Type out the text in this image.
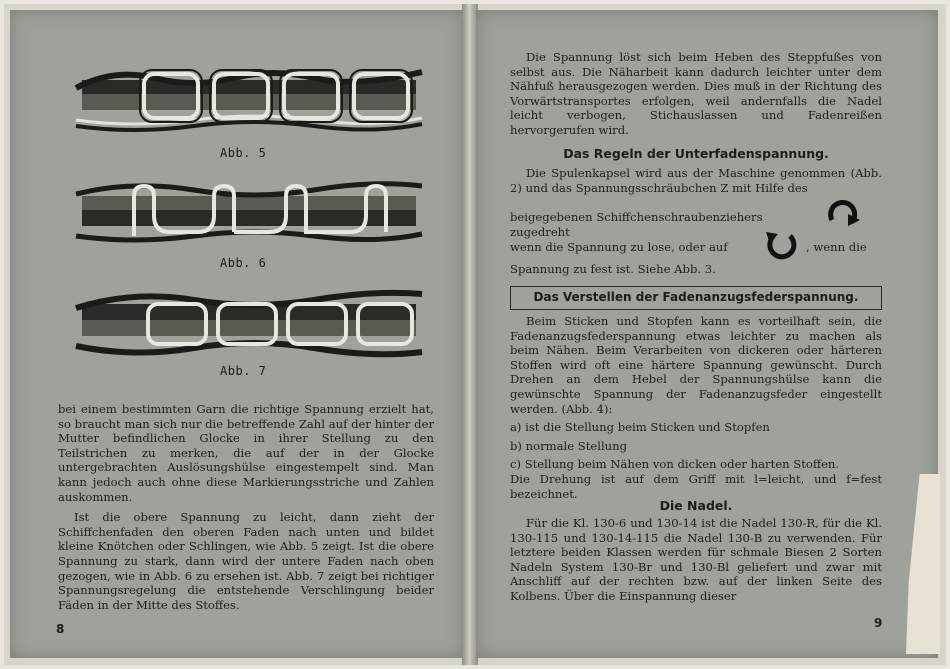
Abb. 5
Abb. 6
Abb. 7

bei einem bestimmten Garn die richtige Spannung erzielt hat, so braucht man sich nur die betreffende Zahl auf der hinter der Mutter befindlichen Glocke in ihrer Stellung zu den Teilstrichen zu merken, die auf der in der Glocke untergebrachten Auslösungshülse eingestempelt sind. Man kann jedoch auch ohne diese Markierungsstriche und Zahlen auskommen.

Ist die obere Spannung zu leicht, dann zieht der Schiffchenfaden den oberen Faden nach unten und bildet kleine Knötchen oder Schlingen, wie Abb. 5 zeigt. Ist die obere Spannung zu stark, dann wird der untere Faden nach oben gezogen, wie in Abb. 6 zu ersehen ist. Abb. 7 zeigt bei richtiger Spannungsregelung die entstehende Verschlingung beider Fäden in der Mitte des Stoffes.

8
Die Spannung löst sich beim Heben des Steppfußes von selbst aus. Die Näharbeit kann dadurch leichter unter dem Nähfuß herausgezogen werden. Dies muß in der Richtung des Vorwärtstransportes erfolgen, weil andernfalls die Nadel leicht verbogen, Stichauslassen und Fadenreißen hervorgerufen wird.
Das Regeln der Unterfadenspannung.
Die Spulenkapsel wird aus der Maschine genommen (Abb. 2) und das Spannungsschräubchen Z mit Hilfe des
beigegebenen Schiffchenschraubenziehers zugedreht
wenn die Spannung zu lose, oder auf	, wenn die
Spannung zu fest ist. Siehe Abb. 3.
Das Verstellen der Fadenanzugsfederspannung.

Beim Sticken und Stopfen kann es vorteilhaft sein, die Fadenanzugsfederspannung etwas leichter zu machen als beim Nähen. Beim Verarbeiten von dickeren oder härteren Stoffen wird oft eine härtere Spannung gewünscht. Durch Drehen an dem Hebel der Spannungshülse kann die gewünschte Spannung der Fadenanzugsfeder eingestellt werden. (Abb. 4):

a) ist die Stellung beim Sticken und Stopfen

b) normale Stellung

c) Stellung beim Nähen von dicken oder harten Stoffen.

Die Drehung ist auf dem Griff mit l=leicht, und f=fest bezeichnet.

Die Nadel.
Für die Kl. 130-6 und 130-14 ist die Nadel 130-R, für die Kl. 130-115 und 130-14-115 die Nadel 130-B zu verwenden. Für letztere beiden Klassen werden für schmale Biesen 2 Sorten Nadeln System 130-Br und 130-Bl geliefert und zwar mit Anschliff auf der rechten bzw. auf der linken Seite des Kolbens. Über die Einspannung dieser
9
